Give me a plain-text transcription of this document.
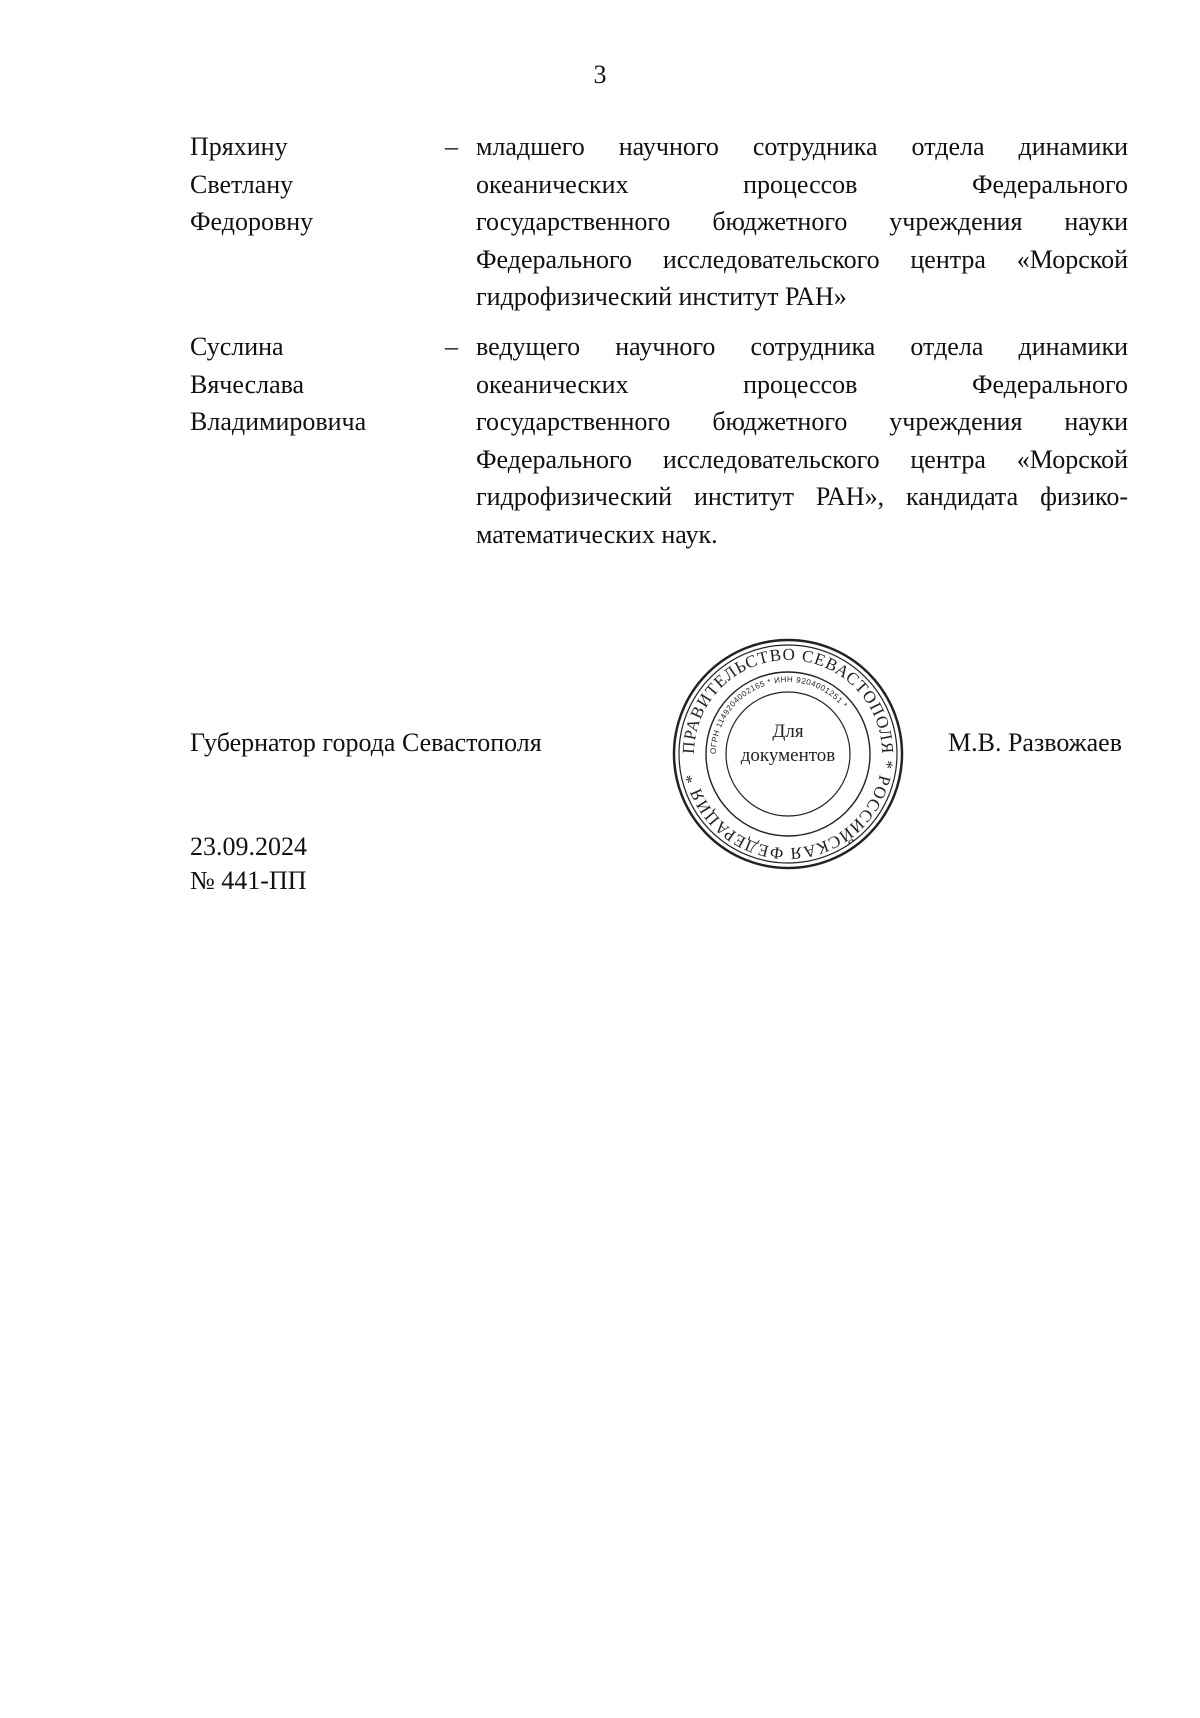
3
Пряхину
Светлану
Федоровну
– младшего научного сотрудника отдела динамики
океанических процессов Федерального
государственного бюджетного учреждения науки
Федерального исследовательского центра «Морской
гидрофизический институт РАН»
Суслина
Вячеслава
Владимировича
– ведущего научного сотрудника отдела динамики
океанических процессов Федерального
государственного бюджетного учреждения науки
Федерального исследовательского центра «Морской
гидрофизический институт РАН», кандидата физико-
математических наук.
Губернатор города Севастополя	ПРАВИТЕЛЬСТВО СЕВАСТОПОЛЯ * РОССИЙСКАЯ ФЕДЕРАЦИЯ *
ОГРН 1149204002165 * ИНН 9204001251 *
Для
документов	М.В. Развожаев
23.09.2024
№ 441-ПП
